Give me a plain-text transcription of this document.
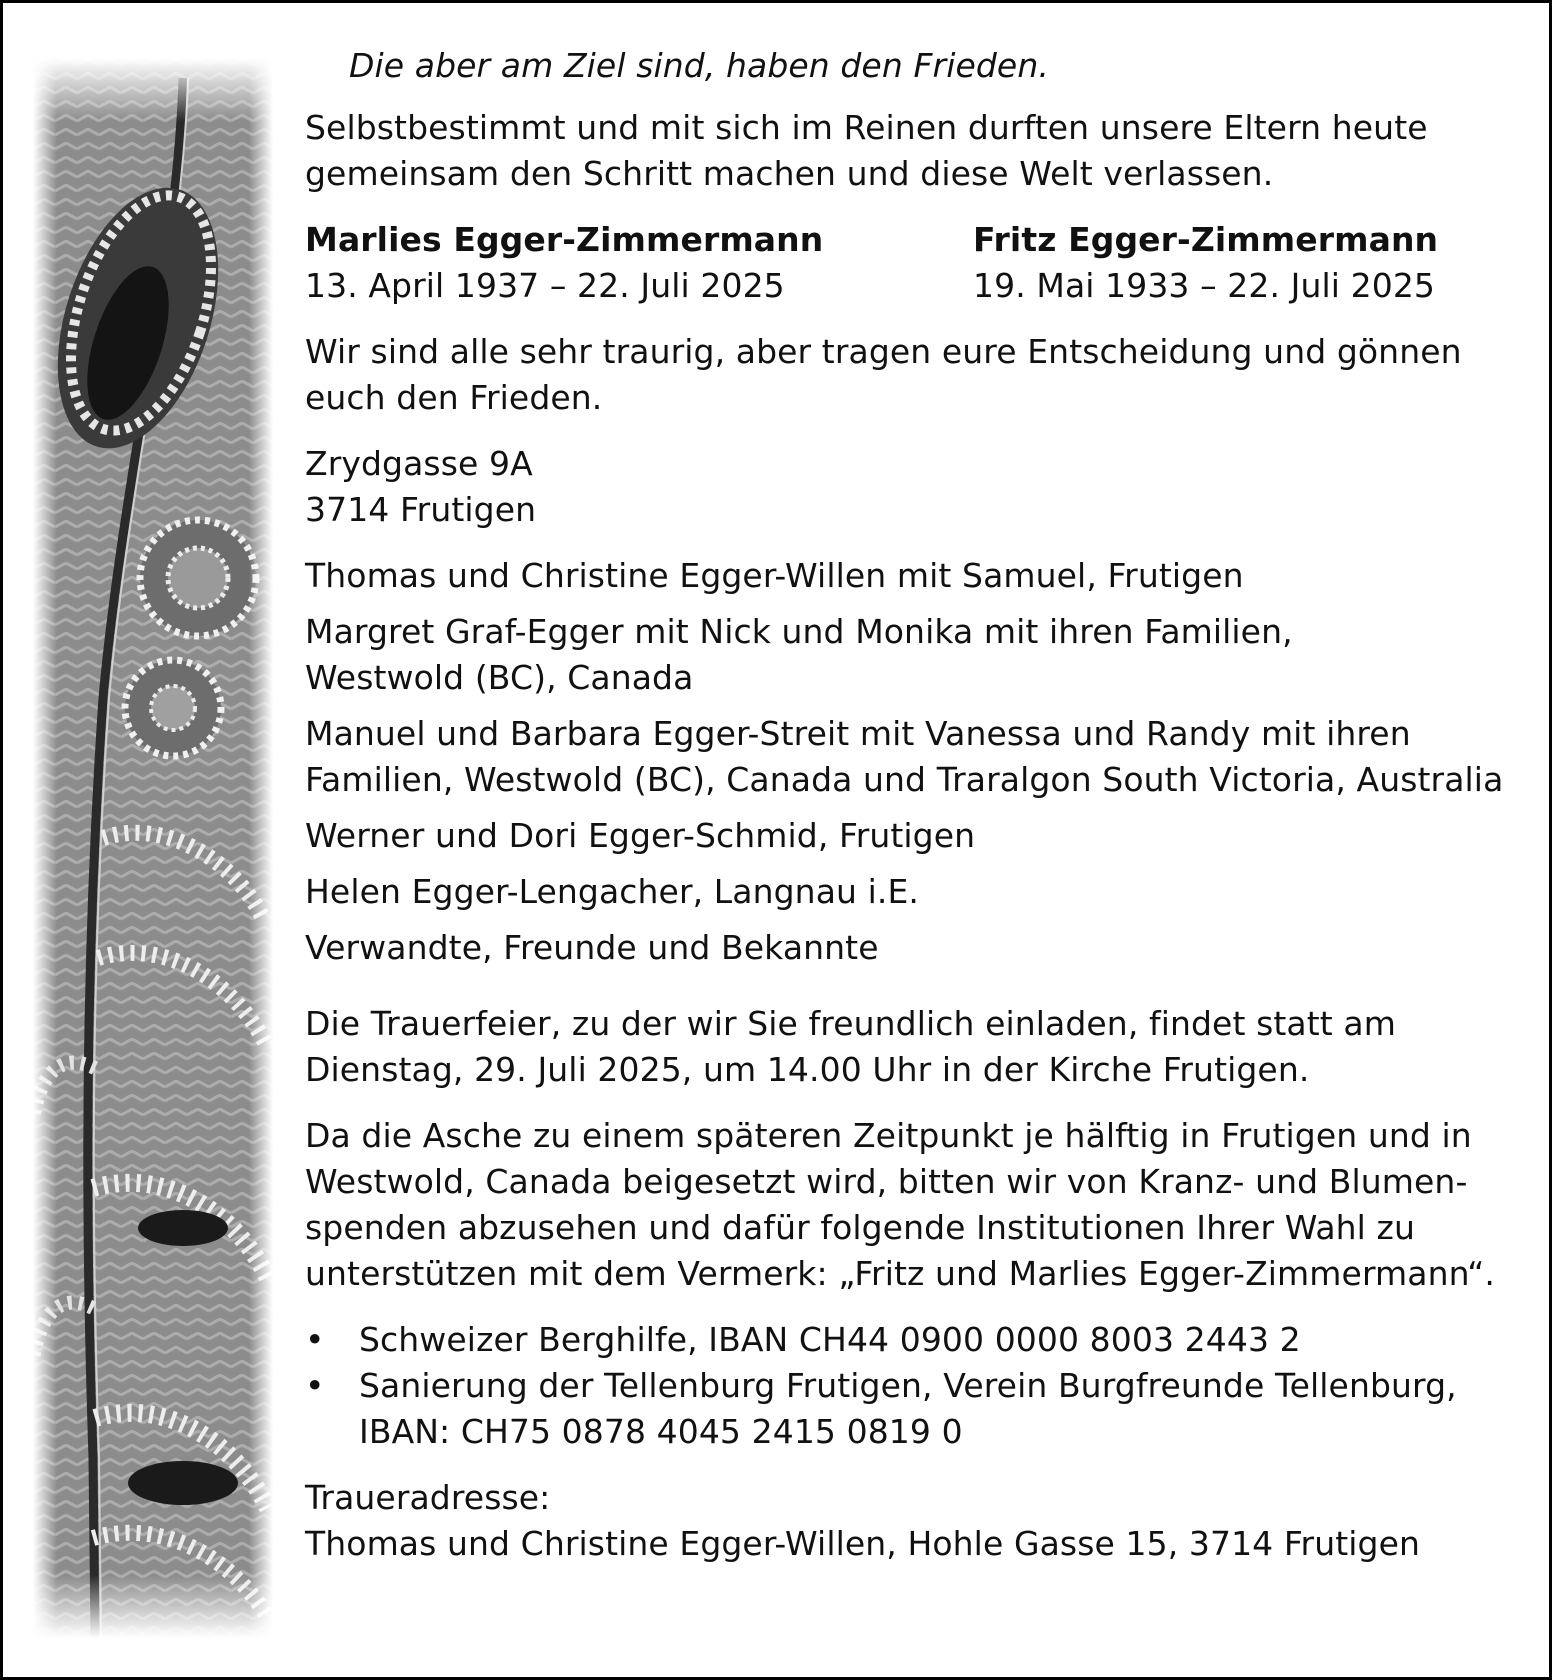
Die aber am Ziel sind, haben den Frieden.
Selbstbestimmt und mit sich im Reinen durften unsere Eltern heute
gemeinsam den Schritt machen und diese Welt verlassen.
Marlies Egger-Zimmermann
13. April 1937 – 22. Juli 2025
Fritz Egger-Zimmermann
19. Mai 1933 – 22. Juli 2025
Wir sind alle sehr traurig, aber tragen eure Entscheidung und gönnen
euch den Frieden.
Zrydgasse 9A
3714 Frutigen
Thomas und Christine Egger-Willen mit Samuel, Frutigen
Margret Graf-Egger mit Nick und Monika mit ihren Familien,
Westwold (BC), Canada
Manuel und Barbara Egger-Streit mit Vanessa und Randy mit ihren
Familien, Westwold (BC), Canada und Traralgon South Victoria, Australia
Werner und Dori Egger-Schmid, Frutigen
Helen Egger-Lengacher, Langnau i.E.
Verwandte, Freunde und Bekannte
Die Trauerfeier, zu der wir Sie freundlich einladen, findet statt am
Dienstag, 29. Juli 2025, um 14.00 Uhr in der Kirche Frutigen.
Da die Asche zu einem späteren Zeitpunkt je hälftig in Frutigen und in
Westwold, Canada beigesetzt wird, bitten wir von Kranz- und Blumen-
spenden abzusehen und dafür folgende Institutionen Ihrer Wahl zu
unterstützen mit dem Vermerk: „Fritz und Marlies Egger-Zimmermann“.
• Schweizer Berghilfe, IBAN CH44 0900 0000 8003 2443 2
• Sanierung der Tellenburg Frutigen, Verein Burgfreunde Tellenburg,
IBAN: CH75 0878 4045 2415 0819 0
Traueradresse:
Thomas und Christine Egger-Willen, Hohle Gasse 15, 3714 Frutigen
